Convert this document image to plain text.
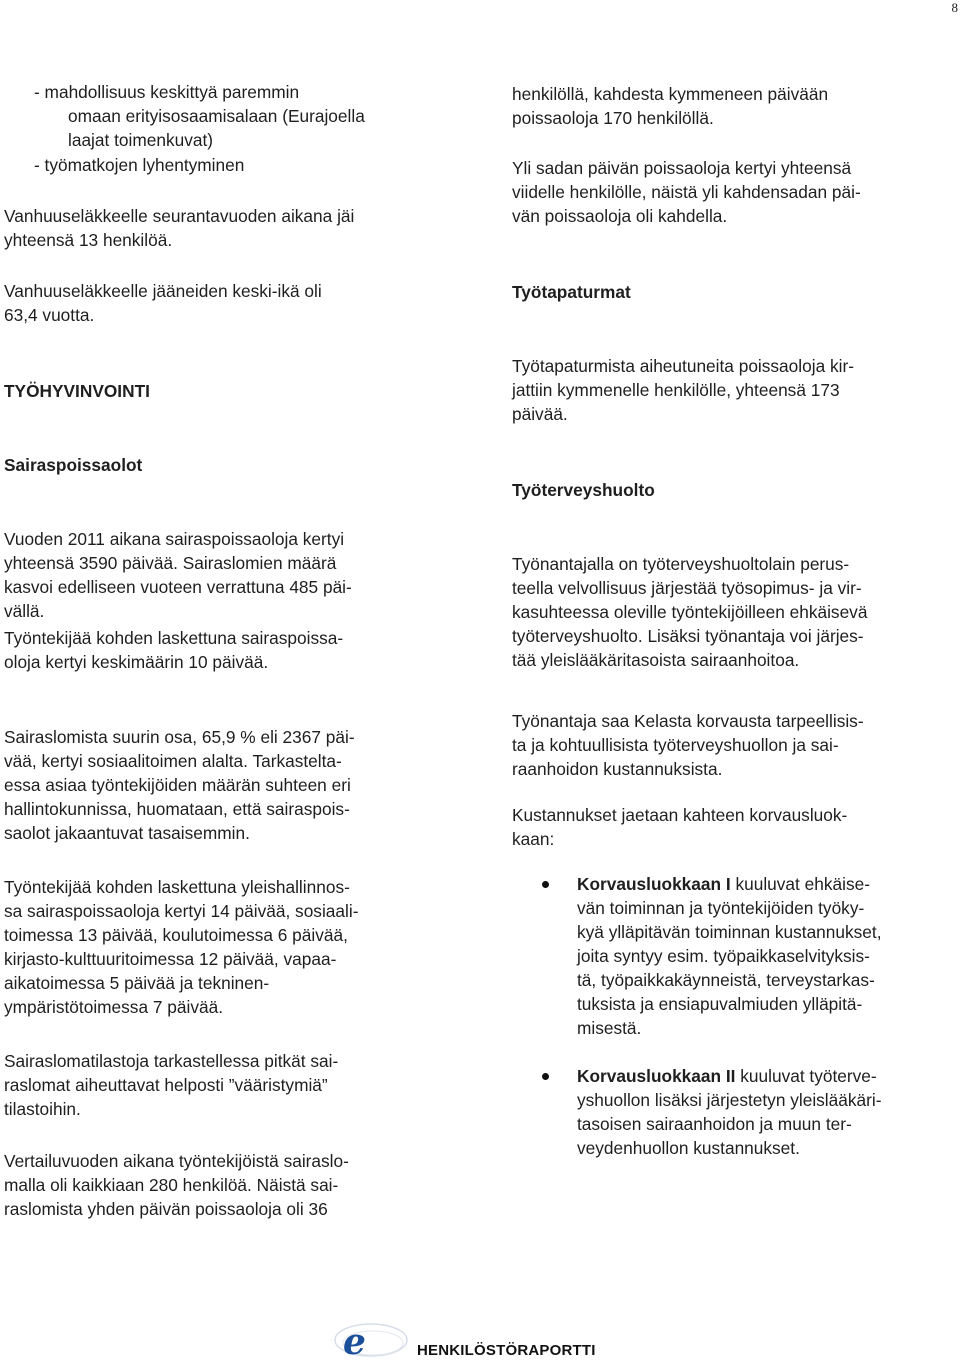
8
- mahdollisuus keskittyä paremmin
omaan erityisosaamisalaan (Eurajoella
laajat toimenkuvat)
- työmatkojen lyhentyminen
Vanhuuseläkkeelle seurantavuoden aikana jäi
yhteensä 13 henkilöä.
Vanhuuseläkkeelle jääneiden keski-ikä oli
63,4 vuotta.
TYÖHYVINVOINTI
Sairaspoissaolot
Vuoden 2011 aikana sairaspoissaoloja kertyi
yhteensä 3590 päivää. Sairaslomien määrä
kasvoi edelliseen vuoteen verrattuna 485 päi-
vällä.
Työntekijää kohden laskettuna sairaspoissa-
oloja kertyi keskimäärin 10 päivää.
Sairaslomista suurin osa, 65,9 % eli 2367 päi-
vää, kertyi sosiaalitoimen alalta. Tarkastelta-
essa asiaa työntekijöiden määrän suhteen eri
hallintokunnissa, huomataan, että sairaspois-
saolot jakaantuvat tasaisemmin.
Työntekijää kohden laskettuna yleishallinnos-
sa sairaspoissaoloja kertyi 14 päivää, sosiaali-
toimessa 13 päivää, koulutoimessa 6 päivää,
kirjasto-kulttuuritoimessa 12 päivää, vapaa-
aikatoimessa 5 päivää ja tekninen-
ympäristötoimessa 7 päivää.
Sairaslomatilastoja tarkastellessa pitkät sai-
raslomat aiheuttavat helposti ”vääristymiä”
tilastoihin.
Vertailuvuoden aikana työntekijöistä sairaslo-
malla oli kaikkiaan 280 henkilöä. Näistä sai-
raslomista yhden päivän poissaoloja oli 36
henkilöllä, kahdesta kymmeneen päivään
poissaoloja 170 henkilöllä.
Yli sadan päivän poissaoloja kertyi yhteensä
viidelle henkilölle, näistä yli kahdensadan päi-
vän poissaoloja oli kahdella.
Työtapaturmat
Työtapaturmista aiheutuneita poissaoloja kir-
jattiin kymmenelle henkilölle, yhteensä 173
päivää.
Työterveyshuolto
Työnantajalla on työterveyshuoltolain perus-
teella velvollisuus järjestää työsopimus- ja vir-
kasuhteessa oleville työntekijöilleen ehkäisevä
työterveyshuolto. Lisäksi työnantaja voi järjes-
tää yleislääkäritasoista sairaanhoitoa.
Työnantaja saa Kelasta korvausta tarpeellisis-
ta ja kohtuullisista työterveyshuollon ja sai-
raanhoidon kustannuksista.
Kustannukset jaetaan kahteen korvausluok-
kaan:
Korvausluokkaan I kuuluvat ehkäise-
vän toiminnan ja työntekijöiden työky-
kyä ylläpitävän toiminnan kustannukset,
joita syntyy esim. työpaikkaselvityksis-
tä, työpaikkakäynneistä, terveystarkas-
tuksista ja ensiapuvalmiuden ylläpitä-
misestä.
Korvausluokkaan II kuuluvat työterve-
yshuollon lisäksi järjestetyn yleislääkäri-
tasoisen sairaanhoidon ja muun ter-
veydenhuollon kustannukset.
e	HENKILÖSTÖRAPORTTI
